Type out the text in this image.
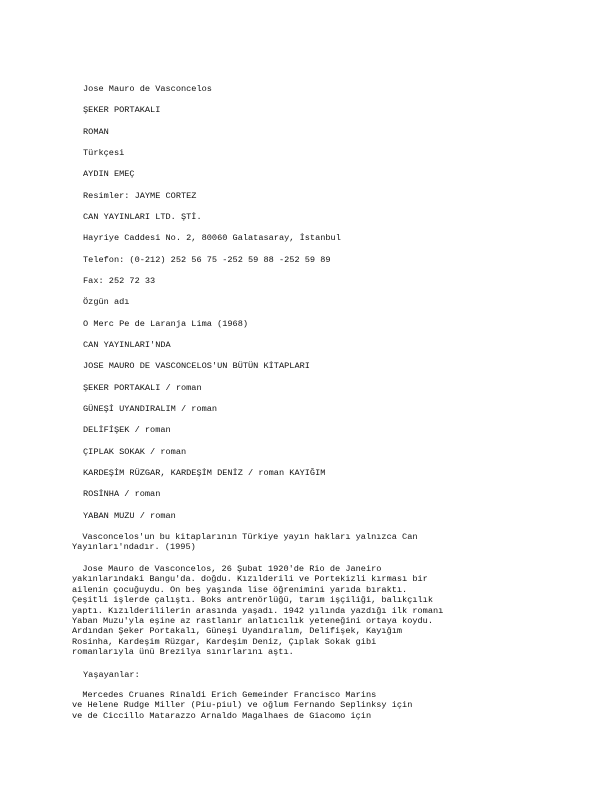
Jose Mauro de Vasconcelos
ŞEKER PORTAKALI
ROMAN
Türkçesi
AYDIN EMEÇ
Resimler: JAYME CORTEZ
CAN YAYINLARI LTD. ŞTİ.
Hayriye Caddesi No. 2, 80060 Galatasaray, İstanbul
Telefon: (0-212) 252 56 75 -252 59 88 -252 59 89
Fax: 252 72 33
Özgün adı
O Merc Pe de Laranja Lima (1968)
CAN YAYINLARI'NDA
JOSE MAURO DE VASCONCELOS'UN BÜTÜN KİTAPLARI
ŞEKER PORTAKALI / roman
GÜNEŞİ UYANDIRALIM / roman
DELİFİŞEK / roman
ÇIPLAK SOKAK / roman
KARDEŞİM RÜZGAR, KARDEŞİM DENİZ / roman KAYIĞIM
ROSİNHA / roman
YABAN MUZU / roman
Vasconcelos'un bu kitaplarının Türkiye yayın hakları yalnızca Can
Yayınları'ndadır. (1995)
Jose Mauro de Vasconcelos, 26 Şubat 1920'de Rio de Janeiro
yakınlarındaki Bangu'da. doğdu. Kızılderili ve Portekizli kırması bir
ailenin çocuğuydu. On beş yaşında lise öğrenimini yarıda bıraktı.
Çeşitli işlerde çalıştı. Boks antrenörlüğü, tarım işçiliği, balıkçılık
yaptı. Kızılderililerin arasında yaşadı. 1942 yılında yazdığı ilk romanı
Yaban Muzu'yla eşine az rastlanır anlatıcılık yeteneğini ortaya koydu.
Ardından Şeker Portakalı, Güneşi Uyandıralım, Delifişek, Kayığım
Rosinha, Kardeşim Rüzgar, Kardeşim Deniz, Çıplak Sokak gibi
romanlarıyla ünü Brezilya sınırlarını aştı.
Yaşayanlar:
Mercedes Cruanes Rinaldi Erich Gemeinder Francisco Marins
ve Helene Rudge Miller (Piu-piul) ve oğlum Fernando Seplinksy için
ve de Ciccillo Matarazzo Arnaldo Magalhaes de Giacomo için
